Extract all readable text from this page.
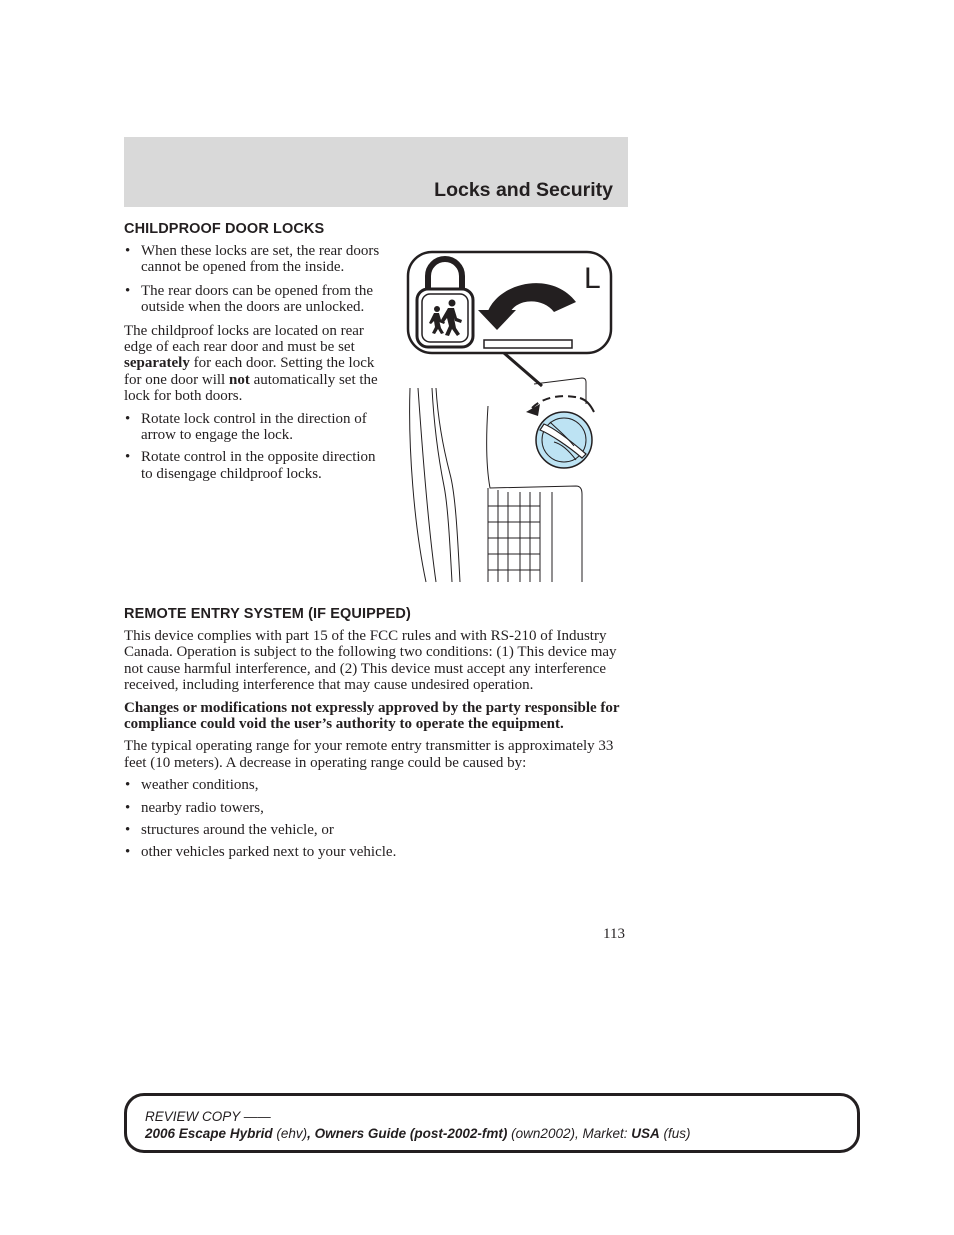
Locks and Security
CHILDPROOF DOOR LOCKS
• When these locks are set, the rear doors cannot be opened from the inside.
• The rear doors can be opened from the outside when the doors are unlocked.

The childproof locks are located on rear edge of each rear door and must be set separately for each door. Setting the lock for one door will not automatically set the lock for both doors.

• Rotate lock control in the direction of arrow to engage the lock.
• Rotate control in the opposite direction to disengage childproof locks.
L
REMOTE ENTRY SYSTEM (IF EQUIPPED)

This device complies with part 15 of the FCC rules and with RS-210 of Industry Canada. Operation is subject to the following two conditions: (1) This device may not cause harmful interference, and (2) This device must accept any interference received, including interference that may cause undesired operation.

Changes or modifications not expressly approved by the party responsible for compliance could void the user’s authority to operate the equipment.

The typical operating range for your remote entry transmitter is approximately 33 feet (10 meters). A decrease in operating range could be caused by:

• weather conditions,
• nearby radio towers,
• structures around the vehicle, or
• other vehicles parked next to your vehicle.
113
REVIEW COPY ——
2006 Escape Hybrid (ehv), Owners Guide (post-2002-fmt) (own2002), Market: USA (fus)
